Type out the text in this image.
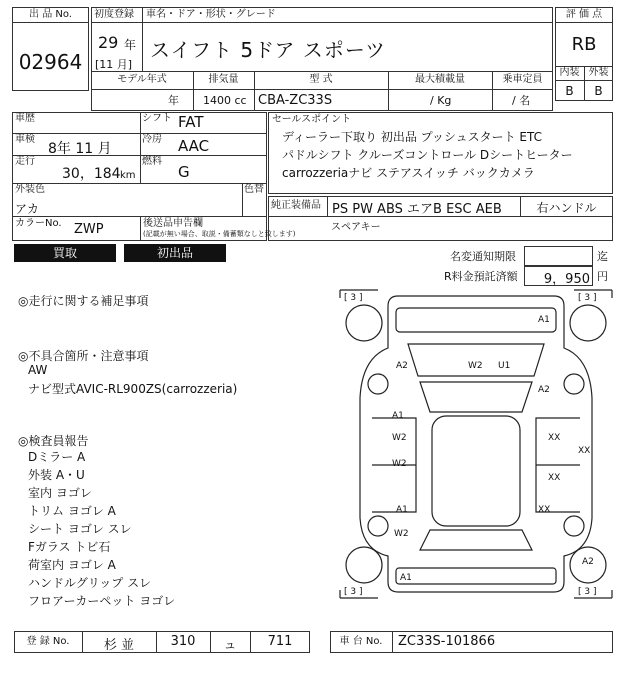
出 品 No.
02964
初度登録 車名・ドア・形状・グレード
29 年
[11 月]
スイフト 5ドア スポーツ
モデル年式	排気量	型 式	最大積載量	乗車定員
年 1400 cc CBA-ZC33S	/ Kg	/ 名
評 価 点
RB
内装 外装
B	B
車歴
車検
8年 11 月
走行
30，184 km
シフト FAT
冷房 AAC
燃料
G
外装色
アカ
色替
カラーNo. ZWP	後送品申告欄
(記載が無い場合、取説・備蓄類なしと致します)
セールスポイント
ディーラー下取り 初出品 プッシュスタート ETC
パドルシフト クルーズコントロール Dシートヒーター
carrozzeriaナビ ステアスイッチ バックカメラ
純正装備品 PS PW ABS エアB ESC AEB	右ハンドル
スペアキー
買取	初出品	名変通知期限	迄
R料金預託済額	9，950 円
◎走行に関する補足事項
◎不具合箇所・注意事項
AW
ナビ型式AVIC-RL900ZS(carrozzeria)
◎検査員報告
Dミラー A
外装 A・U
室内 ヨゴレ
トリム ヨゴレ A
シート ヨゴレ スレ
Fガラス トビ石
荷室内 ヨゴレ A
ハンドルグリップ スレ
フロアーカーペット ヨゴレ
[ 3 ]	[ 3 ]
[ 3 ]	[ 3 ]
A1
A2	W2 U1
A2
A1
W2	XX
XX
W2
XX
A1	XX
W2
A2
A1
登 録 No.	杉 並	310	ュ	711	車 台 No.	ZC33S-101866
